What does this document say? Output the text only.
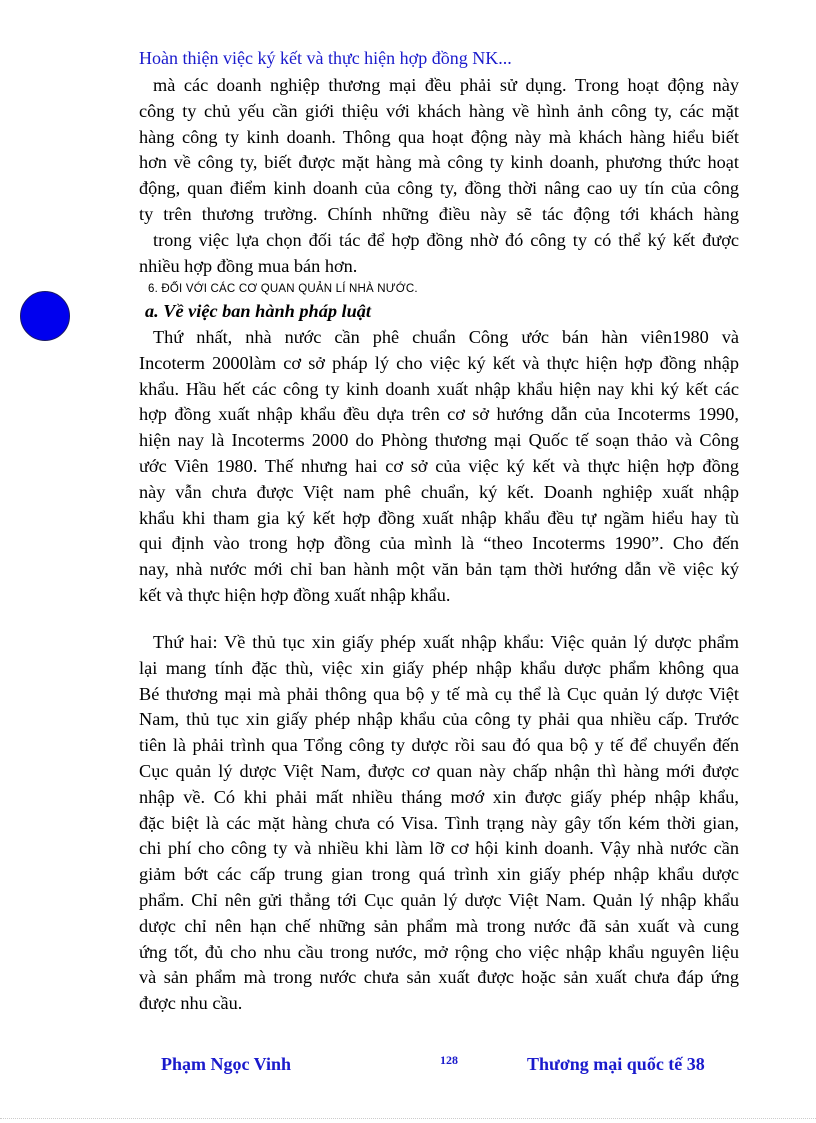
Hoàn thiện việc ký kết và thực hiện hợp đồng NK...
mà các doanh nghiệp thương mại đều phải sử dụng. Trong hoạt động này
công ty chủ yếu cần giới thiệu với khách hàng về hình ảnh công ty, các mặt
hàng công ty kinh doanh. Thông qua hoạt động này mà khách hàng hiểu biết
hơn về công ty, biết được mặt hàng mà công ty kinh doanh, phương thức hoạt
động, quan điểm kinh doanh của công ty, đồng thời nâng cao uy tín của công
ty trên thương trường. Chính những điều này sẽ tác động tới khách hàng
trong việc lựa chọn đối tác để hợp đồng nhờ đó công ty có thể ký kết được
nhiều hợp đồng mua bán hơn.
6. ĐỐI VỚI CÁC CƠ QUAN QUẢN LÍ NHÀ NƯỚC.
a. Về việc ban hành pháp luật
Thứ nhất, nhà nước cần phê chuẩn Công ước bán hàn viên1980 và
Incoterm 2000làm cơ sở pháp lý cho việc ký kết và thực hiện hợp đồng nhập
khẩu. Hầu hết các công ty kinh doanh xuất nhập khẩu hiện nay khi ký kết các
hợp đồng xuất nhập khẩu đều dựa trên cơ sở hướng dẫn của Incoterms 1990,
hiện nay là Incoterms 2000 do Phòng thương mại Quốc tế soạn thảo và Công
ước Viên 1980. Thế nhưng hai cơ sở của việc ký kết và thực hiện hợp đồng
này vẫn chưa được Việt nam phê chuẩn, ký kết. Doanh nghiệp xuất nhập
khẩu khi tham gia ký kết hợp đồng xuất nhập khẩu đều tự ngầm hiểu hay tù
qui định vào trong hợp đồng của mình là “theo Incoterms 1990”. Cho đến
nay, nhà nước mới chỉ ban hành một văn bản tạm thời hướng dẫn về việc ký
kết và thực hiện hợp đồng xuất nhập khẩu.
Thứ hai: Về thủ tục xin giấy phép xuất nhập khẩu: Việc quản lý dược phẩm
lại mang tính đặc thù, việc xin giấy phép nhập khẩu dược phẩm không qua
Bé thương mại mà phải thông qua bộ y tế mà cụ thể là Cục quản lý dược Việt
Nam, thủ tục xin giấy phép nhập khẩu của công ty phải qua nhiều cấp. Trước
tiên là phải trình qua Tổng công ty dược rồi sau đó qua bộ y tế để chuyển đến
Cục quản lý dược Việt Nam, được cơ quan này chấp nhận thì hàng mới được
nhập về. Có khi phải mất nhiều tháng mơớ xin được giấy phép nhập khẩu,
đặc biệt là các mặt hàng chưa có Visa. Tình trạng này gây tốn kém thời gian,
chi phí cho công ty và nhiều khi làm lỡ cơ hội kinh doanh. Vậy nhà nước cần
giảm bớt các cấp trung gian trong quá trình xin giấy phép nhập khẩu dược
phẩm. Chỉ nên gửi thẳng tới Cục quản lý dược Việt Nam. Quản lý nhập khẩu
dược chỉ nên hạn chế những sản phẩm mà trong nước đã sản xuất và cung
ứng tốt, đủ cho nhu cầu trong nước, mở rộng cho việc nhập khẩu nguyên liệu
và sản phẩm mà trong nước chưa sản xuất được hoặc sản xuất chưa đáp ứng
được nhu cầu.
Phạm Ngọc Vinh	128	Thương mại quốc tế 38
